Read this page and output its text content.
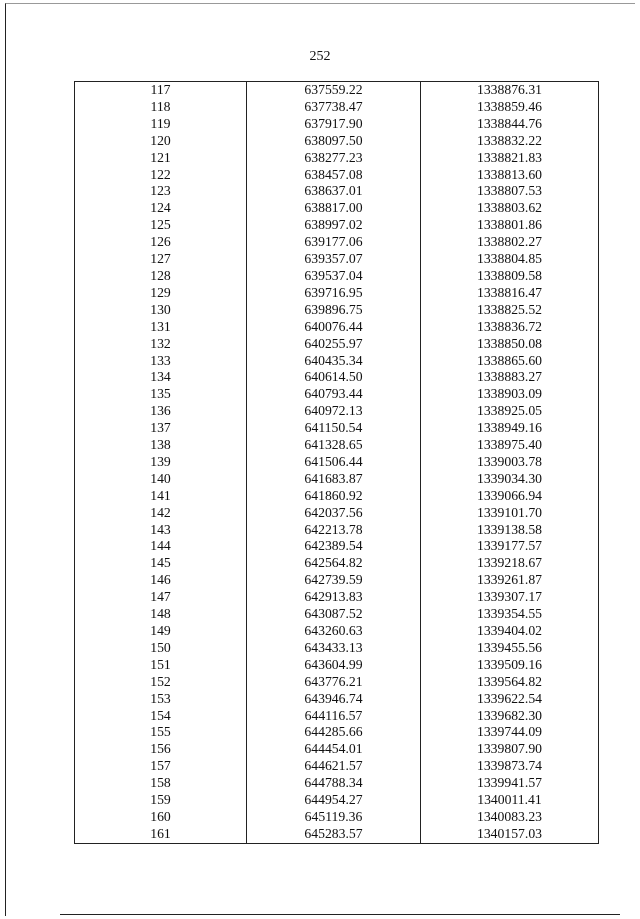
252
117	637559.22	1338876.31
118	637738.47	1338859.46
119	637917.90	1338844.76
120	638097.50	1338832.22
121	638277.23	1338821.83
122	638457.08	1338813.60
123	638637.01	1338807.53
124	638817.00	1338803.62
125	638997.02	1338801.86
126	639177.06	1338802.27
127	639357.07	1338804.85
128	639537.04	1338809.58
129	639716.95	1338816.47
130	639896.75	1338825.52
131	640076.44	1338836.72
132	640255.97	1338850.08
133	640435.34	1338865.60
134	640614.50	1338883.27
135	640793.44	1338903.09
136	640972.13	1338925.05
137	641150.54	1338949.16
138	641328.65	1338975.40
139	641506.44	1339003.78
140	641683.87	1339034.30
141	641860.92	1339066.94
142	642037.56	1339101.70
143	642213.78	1339138.58
144	642389.54	1339177.57
145	642564.82	1339218.67
146	642739.59	1339261.87
147	642913.83	1339307.17
148	643087.52	1339354.55
149	643260.63	1339404.02
150	643433.13	1339455.56
151	643604.99	1339509.16
152	643776.21	1339564.82
153	643946.74	1339622.54
154	644116.57	1339682.30
155	644285.66	1339744.09
156	644454.01	1339807.90
157	644621.57	1339873.74
158	644788.34	1339941.57
159	644954.27	1340011.41
160	645119.36	1340083.23
161	645283.57	1340157.03
